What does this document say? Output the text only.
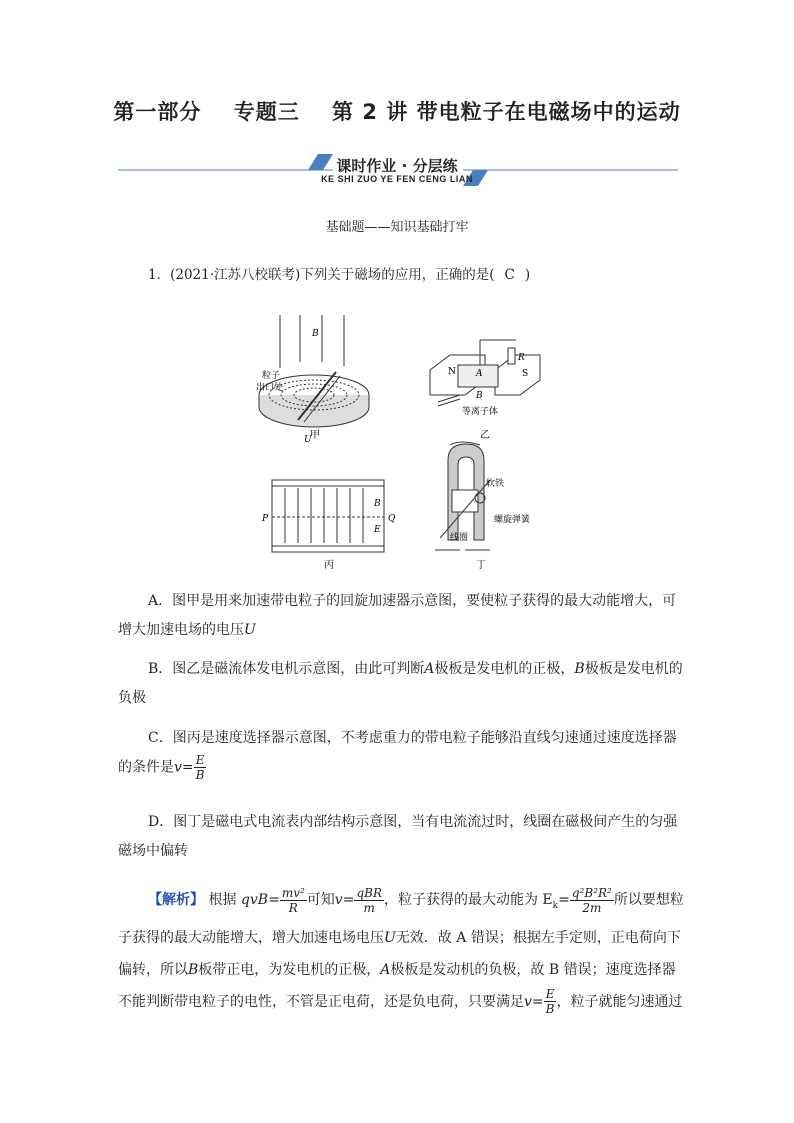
第一部分 专题三 第 2 讲 带电粒子在电磁场中的运动
课时作业 · 分层练
KE SHI ZUO YE FEN CENG LIAN
基础题——知识基础打牢
1．(2021·江苏八校联考)下列关于磁场的应用，正确的是( C )
B
粒子
出口处
U
甲
R
A
B
S
N
等离子体
乙
P	Q
B
E
丙
软铁
螺旋弹簧
线圈
丁
A．图甲是用来加速带电粒子的回旋加速器示意图，要使粒子获得的最大动能增大，可增大加速电场的电压U
B．图乙是磁流体发电机示意图，由此可判断A极板是发电机的正极，B极板是发电机的负极
C．图丙是速度选择器示意图，不考虑重力的带电粒子能够沿直线匀速通过速度选择器的条件是$v= \frac{E}{B}$
D．图丁是磁电式电流表内部结构示意图，当有电流流过时，线圈在磁极间产生的匀强磁场中偏转
【解析】 根据 $qvB= \frac{\text{mv²}}{R}$ 可知$v= \frac{\text{qBR}}{m}$ ，粒子获得的最大动能为 $E_k= \frac{\text{q²B²R²}}{2m}$ 所以要想粒子获得的最大动能增大，增大加速电场电压U无效．故 A 错误；根据左手定则，正电荷向下偏转，所以B板带正电，为发电机的正极，A极板是发动机的负极，故 B 错误；速度选择器不能判断带电粒子的电性，不管是正电荷，还是负电荷，只要满足$v= \frac{E}{B}$ ，粒子就能匀速通过
